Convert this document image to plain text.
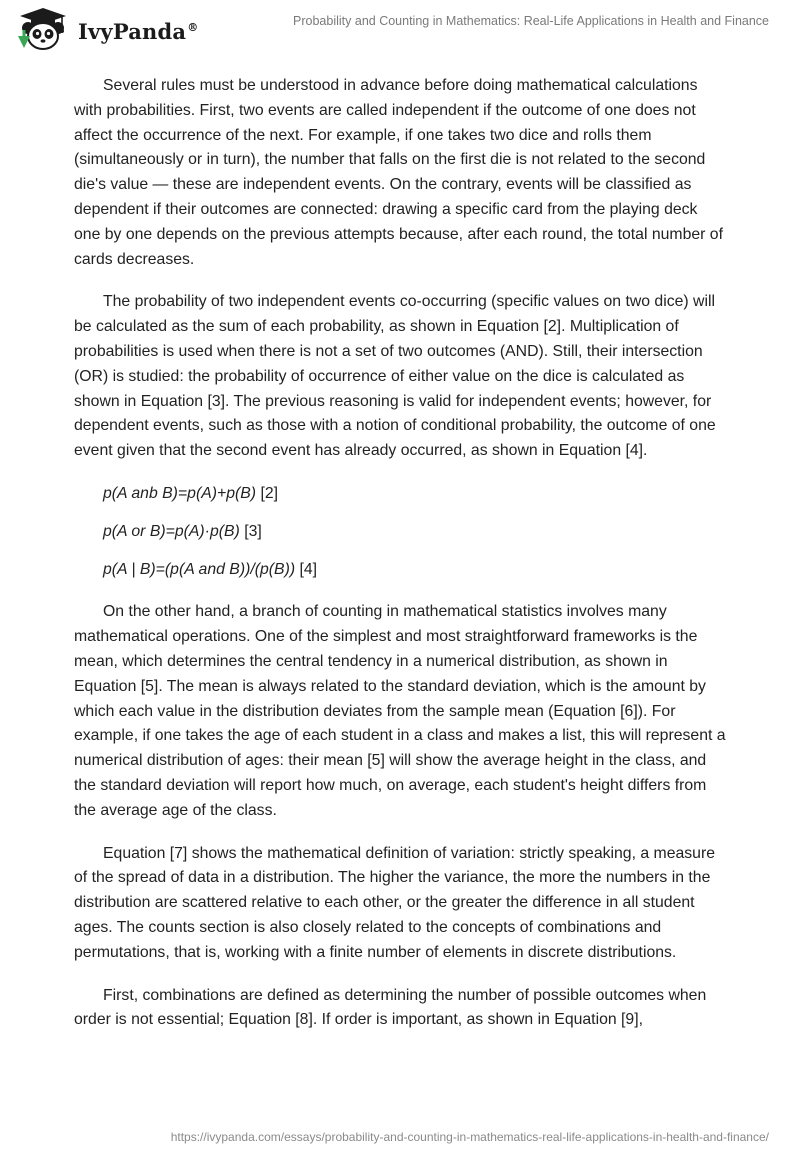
IvyPanda®	Probability and Counting in Mathematics: Real-Life Applications in Health and Finance

Several rules must be understood in advance before doing mathematical calculations with probabilities. First, two events are called independent if the outcome of one does not affect the occurrence of the next. For example, if one takes two dice and rolls them (simultaneously or in turn), the number that falls on the first die is not related to the second die's value — these are independent events. On the contrary, events will be classified as dependent if their outcomes are connected: drawing a specific card from the playing deck one by one depends on the previous attempts because, after each round, the total number of cards decreases.

The probability of two independent events co-occurring (specific values on two dice) will be calculated as the sum of each probability, as shown in Equation [2]. Multiplication of probabilities is used when there is not a set of two outcomes (AND). Still, their intersection (OR) is studied: the probability of occurrence of either value on the dice is calculated as shown in Equation [3]. The previous reasoning is valid for independent events; however, for dependent events, such as those with a notion of conditional probability, the outcome of one event given that the second event has already occurred, as shown in Equation [4].

p(A anb B)=p(A)+p(B) [2]
p(A or B)=p(A)·p(B) [3]
p(A | B)=(p(A and B))/(p(B)) [4]

On the other hand, a branch of counting in mathematical statistics involves many mathematical operations. One of the simplest and most straightforward frameworks is the mean, which determines the central tendency in a numerical distribution, as shown in Equation [5]. The mean is always related to the standard deviation, which is the amount by which each value in the distribution deviates from the sample mean (Equation [6]). For example, if one takes the age of each student in a class and makes a list, this will represent a numerical distribution of ages: their mean [5] will show the average height in the class, and the standard deviation will report how much, on average, each student's height differs from the average age of the class.

Equation [7] shows the mathematical definition of variation: strictly speaking, a measure of the spread of data in a distribution. The higher the variance, the more the numbers in the distribution are scattered relative to each other, or the greater the difference in all student ages. The counts section is also closely related to the concepts of combinations and permutations, that is, working with a finite number of elements in discrete distributions.

First, combinations are defined as determining the number of possible outcomes when order is not essential; Equation [8]. If order is important, as shown in Equation [9],

https://ivypanda.com/essays/probability-and-counting-in-mathematics-real-life-applications-in-health-and-finance/
